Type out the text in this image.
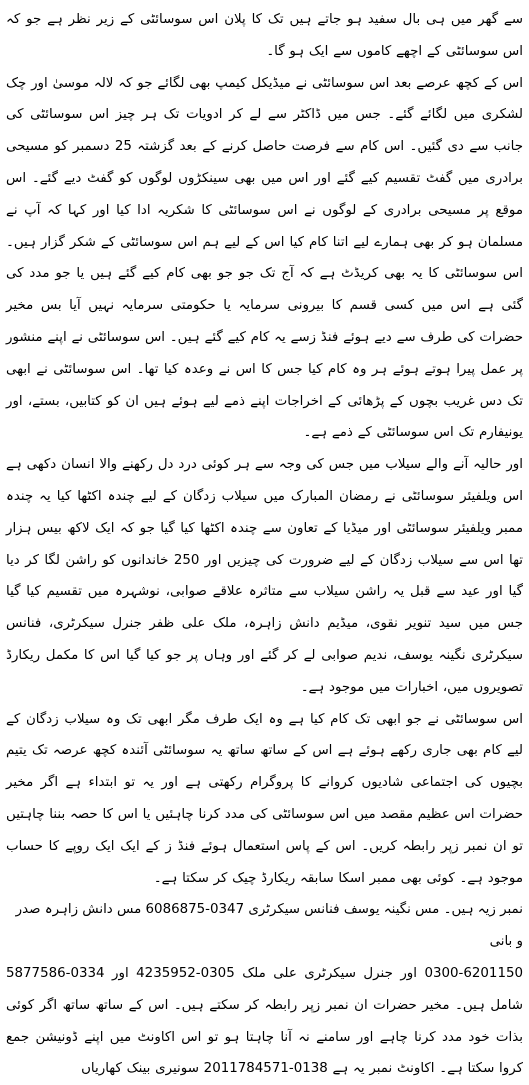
سے گھر میں ہی بال سفید ہو جاتے ہیں تک کا پلان اس سوسائٹی کے زیر نظر ہے جو کہ اس سوسائٹی کے اچھے کاموں سے ایک ہو گا۔

اس کے کچھ عرصے بعد اس سوسائٹی نے میڈیکل کیمپ بھی لگائے جو کہ لالہ موسیٰ اور چک لشکری میں لگائے گئے۔ جس میں ڈاکٹر سے لے کر ادویات تک ہر چیز اس سوسائٹی کی جانب سے دی گئیں۔ اس کام سے فرصت حاصل کرنے کے بعد گزشتہ 25 دسمبر کو مسیحی برادری میں گفٹ تقسیم کیے گئے اور اس میں بھی سینکڑوں لوگوں کو گفٹ دیے گئے۔ اس موقع پر مسیحی برادری کے لوگوں نے اس سوسائٹی کا شکریہ ادا کیا اور کہا کہ آپ نے مسلمان ہو کر بھی ہمارے لیے اتنا کام کیا اس کے لیے ہم اس سوسائٹی کے شکر گزار ہیں۔ اس سوسائٹی کا یہ بھی کریڈٹ ہے کہ آج تک جو جو بھی کام کیے گئے ہیں یا جو مدد کی گئی ہے اس میں کسی قسم کا بیرونی سرمایہ یا حکومتی سرمایہ نہیں آیا بس مخیر حضرات کی طرف سے دیے ہوئے فنڈ زسے یہ کام کیے گئے ہیں۔ اس سوسائٹی نے اپنے منشور پر عمل پیرا ہوتے ہوئے ہر وہ کام کیا جس کا اس نے وعدہ کیا تھا۔ اس سوسائٹی نے ابھی تک دس غریب بچوں کے پڑھائی کے اخراجات اپنے ذمے لیے ہوئے ہیں ان کو کتابیں، بستے، اور یونیفارم تک اس سوسائٹی کے ذمے ہے۔

اور حالیہ آنے والے سیلاب میں جس کی وجہ سے ہر کوئی درد دل رکھنے والا انسان دکھی ہے اس ویلفیئر سوسائٹی نے رمضان المبارک میں سیلاب زدگان کے لیے چندہ اکٹھا کیا یہ چندہ ممبر ویلفیئر سوسائٹی اور میڈیا کے تعاون سے چندہ اکٹھا کیا گیا جو کہ ایک لاکھ بیس ہزار تھا اس سے سیلاب زدگان کے لیے ضرورت کی چیزیں اور 250 خاندانوں کو راشن لگا کر دیا گیا اور عید سے قبل یہ راشن سیلاب سے متاثرہ علاقے صوابی، نوشہرہ میں تقسیم کیا گیا جس میں سید تنویر نقوی، میڈیم دانش زاہرہ، ملک علی ظفر جنرل سیکرٹری، فنانس سیکرٹری نگینہ یوسف، ندیم صوابی لے کر گئے اور وہاں پر جو کیا گیا اس کا مکمل ریکارڈ تصویروں میں، اخبارات میں موجود ہے۔

اس سوسائٹی نے جو ابھی تک کام کیا ہے وہ ایک طرف مگر ابھی تک وہ سیلاب زدگان کے لیے کام بھی جاری رکھے ہوئے ہے اس کے ساتھ ساتھ یہ سوسائٹی آئندہ کچھ عرصہ تک یتیم بچیوں کی اجتماعی شادیوں کروانے کا پروگرام رکھتی ہے اور یہ تو ابتداء ہے اگر مخیر حضرات اس عظیم مقصد میں اس سوسائٹی کی مدد کرنا چاہئیں یا اس کا حصہ بننا چاہتیں تو ان نمبر زپر رابطہ کریں۔ اس کے پاس استعمال ہوئے فنڈ ز کے ایک ایک روپے کا حساب موجود ہے۔ کوئی بھی ممبر اسکا سابقہ ریکارڈ چیک کر سکتا ہے۔

نمبر زیہ ہیں۔ مس نگینہ یوسف فنانس سیکرٹری 0347-6086875 مس دانش زاہرہ صدر و بانی

0300-6201150 اور جنرل سیکرٹری علی ملک 0305-4235952 اور 0334-5877586 شامل ہیں۔ مخیر حضرات ان نمبر زپر رابطہ کر سکتے ہیں۔ اس کے ساتھ ساتھ اگر کوئی بذات خود مدد کرنا چاہے اور سامنے نہ آنا چاہتا ہو تو اس اکاونٹ میں اپنے ڈونیشن جمع کروا سکتا ہے۔ اکاونٹ نمبر یہ ہے 0138-2011784571 سونیری بینک کھاریاں
